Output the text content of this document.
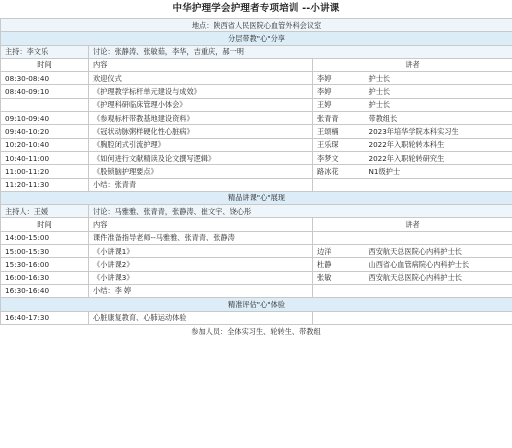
中华护理学会护理者专项培训 --小讲课
地点：陕西省人民医院心血管外科会议室			
分层带教"心"分享			
主持：李文乐	讨论：张静涛、张敏茹，李华，吉重庆，郝一明		
时间	内容	讲者	
08:30-08:40	欢迎仪式	李婷	护士长
08:40-09:10	《护理教学标杆单元建设与成效》	李婷	护士长
	《护理科研临床管理小体会》	王婷	护士长
09:10-09:40	《参观标杆带教基地建设资料》	张青青	带教组长
09:40-10:20	《冠状动脉粥样硬化性心脏病》	王颂楠	2023年培华学院本科实习生
10:20-10:40	《胸腔闭式引流护理》	王乐琛	2022年入职轮转本科生
10:40-11:00	《如何进行文献精读及论文撰写逻辑》	李梦文	2022年入职轮转研究生
11:00-11:20	《股锁脑护理要点》	路冰花	N1级护士
11:20-11:30	小结：张青青		
精品讲课"心"展现			
主持人：王媛	讨论：马雅雅、张青青，张静涛、崔文宇、饶心彤		
时间	内容	讲者	
14:00-15:00	课件准备指导老师--马雅雅、张青青、张静涛		
15:00-15:30	《小讲课1》	边洋	西安航天总医院心内科护士长
15:30-16:00	《小讲课2》	杜静	山西省心血管病院心内科护士长
16:00-16:30	《小讲课3》	张敏	西安航天总医院心内科护士长
16:30-16:40	小结：李 婷		
精准评估"心"体验			
16:40-17:30	心脏康复教育、心肺运动体验		
参加人员：全体实习生、轮转生、带教组
